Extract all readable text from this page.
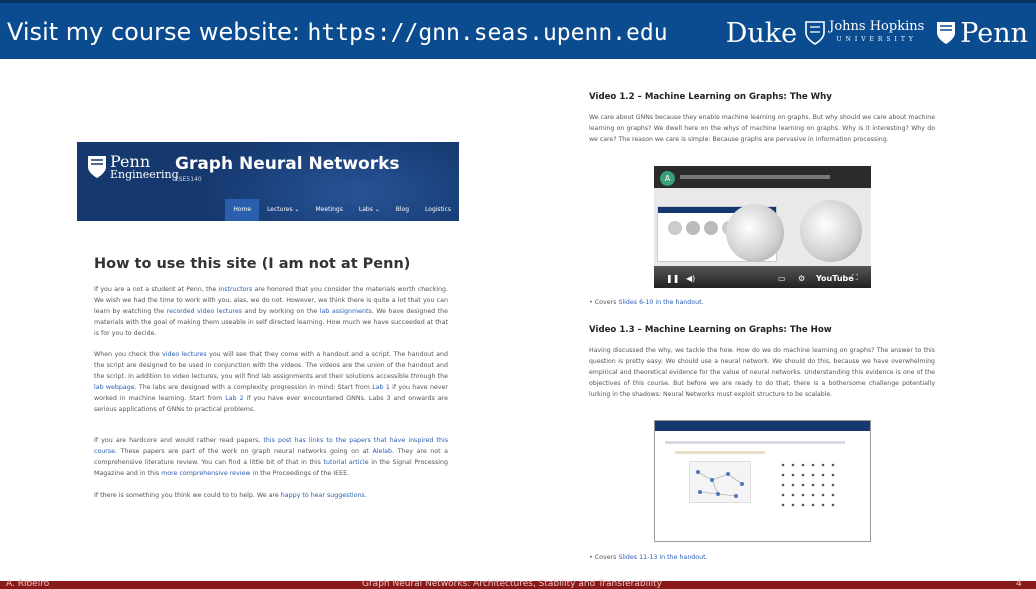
Visit my course website: https://gnn.seas.upenn.edu Duke Johns Hopkins
UNIVERSITY Penn
Penn
Engineering
Graph Neural Networks
ESE5140
Home	Lectures ⌄	Meetings	Labs ⌄	Blog	Logistics
How to use this site (I am not at Penn)
If you are a not a student at Penn, the instructors are honored that you consider the materials worth checking. We wish we had the time to work with you, alas, we do not. However, we think there is quite a lot that you can learn by watching the recorded video lectures and by working on the lab assignments. We have designed the materials with the goal of making them useable in self directed learning. How much we have succeeded at that is for you to decide.
When you check the video lectures you will see that they come with a handout and a script. The handout and the script are designed to be used in conjunction with the videos. The videos are the union of the handout and the script. In addition to video lectures, you will find lab assignments and their solutions accessible through the lab webpage. The labs are designed with a complexity progression in mind: Start from Lab 1 if you have never worked in machine learning. Start from Lab 2 if you have ever encountered GNNs. Labs 3 and onwards are serious applications of GNNs to practical problems.
If you are hardcore and would rather read papers, this post has links to the papers that have inspired this course. These papers are part of the work on graph neural networks going on at Alelab. They are not a comprehensive literature review. You can find a little bit of that in this tutorial article in the Signal Processing Magazine and in this more comprehensive review in the Proceedings of the IEEE.
If there is something you think we could to to help. We are happy to hear suggestions.
Video 1.2 – Machine Learning on Graphs: The Why
We care about GNNs because they enable machine learning on graphs. But why should we care about machine learning on graphs? We dwell here on the whys of machine learning on graphs. Why is it interesting? Why do we care? The reason we care is simple: Because graphs are pervasive in information processing.
A
❚❚ ◀)	▭ ⚙ YouTube
⛶
• Covers Slides 6-10 in the handout.
Video 1.3 – Machine Learning on Graphs: The How
Having discussed the why, we tackle the how. How do we do machine learning on graphs? The answer to this question is pretty easy: We should use a neural network. We should do this, because we have overwhelming empirical and theoretical evidence for the value of neural networks. Understanding this evidence is one of the objectives of this course. But before we are ready to do that, there is a bothersome challenge potentially lurking in the shadows: Neural Networks must exploit structure to be scalable.
• Covers Slides 11-13 in the handout.
A. Ribeiro	Graph Neural Networks: Architectures, Stability and Transferability	4
